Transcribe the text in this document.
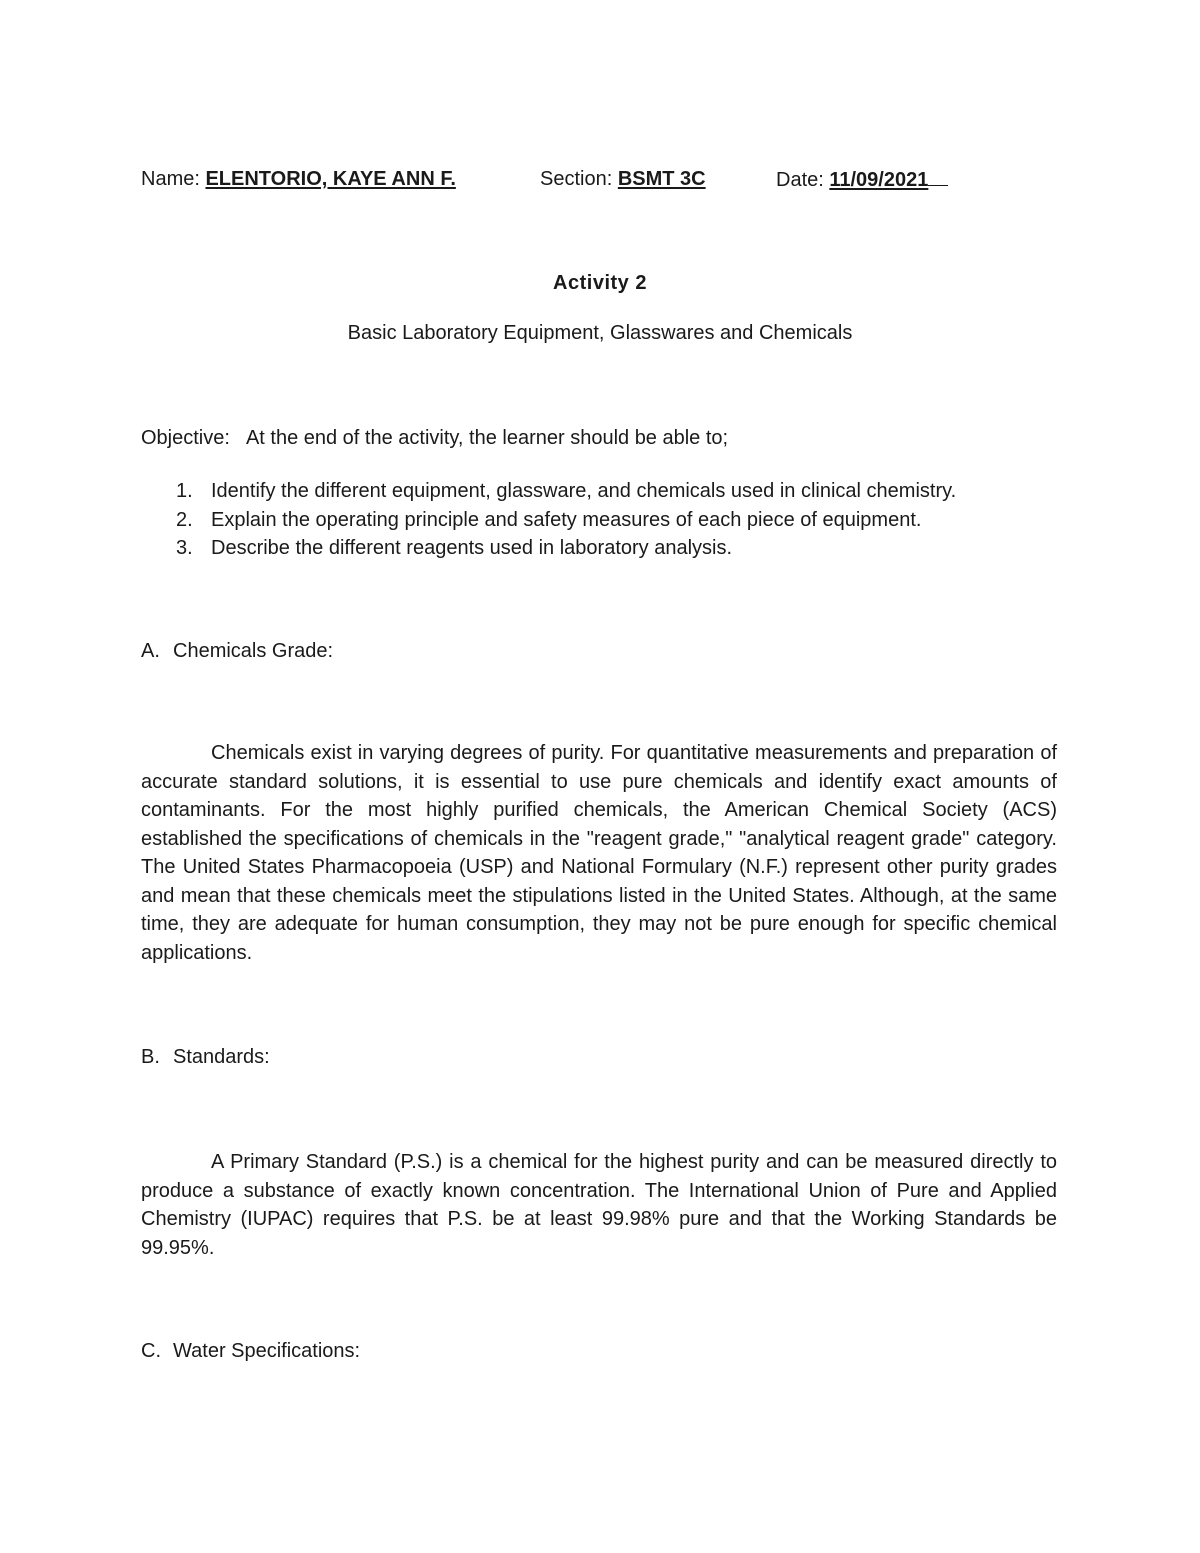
Name: ELENTORIO, KAYE ANN F.	Section: BSMT 3C	Date: 11/09/2021
Activity 2
Basic Laboratory Equipment, Glasswares and Chemicals
Objective: At the end of the activity, the learner should be able to;
1. Identify the different equipment, glassware, and chemicals used in clinical chemistry.
2. Explain the operating principle and safety measures of each piece of equipment.
3. Describe the different reagents used in laboratory analysis.
A. Chemicals Grade:

Chemicals exist in varying degrees of purity. For quantitative measurements and preparation of accurate standard solutions, it is essential to use pure chemicals and identify exact amounts of contaminants. For the most highly purified chemicals, the American Chemical Society (ACS) established the specifications of chemicals in the "reagent grade," "analytical reagent grade" category. The United States Pharmacopoeia (USP) and National Formulary (N.F.) represent other purity grades and mean that these chemicals meet the stipulations listed in the United States. Although, at the same time, they are adequate for human consumption, they may not be pure enough for specific chemical applications.

B. Standards:

A Primary Standard (P.S.) is a chemical for the highest purity and can be measured directly to produce a substance of exactly known concentration. The International Union of Pure and Applied Chemistry (IUPAC) requires that P.S. be at least 99.98% pure and that the Working Standards be 99.95%.

C. Water Specifications:
